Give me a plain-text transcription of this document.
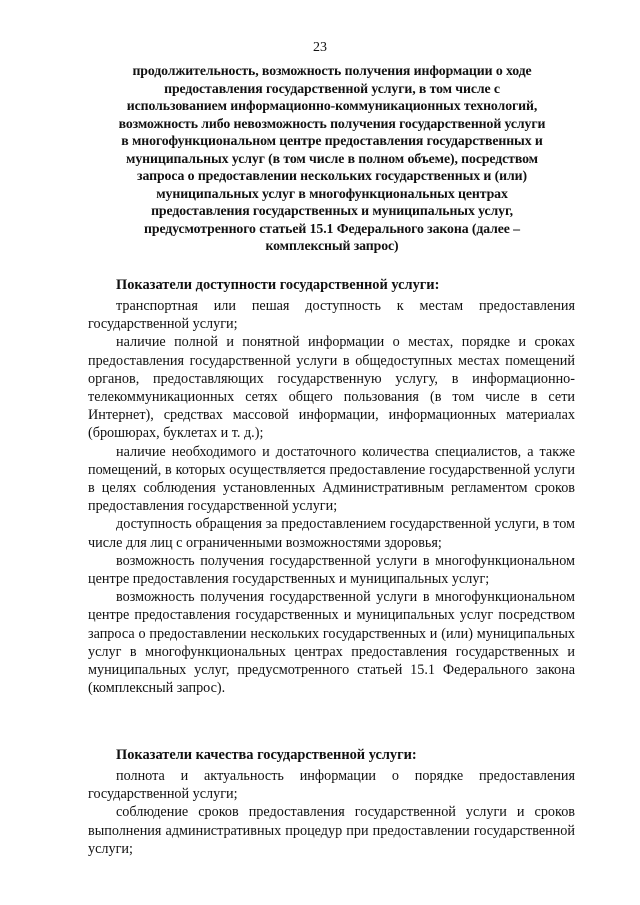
23
продолжительность, возможность получения информации о ходе
предоставления государственной услуги, в том числе с
использованием информационно-коммуникационных технологий,
возможность либо невозможность получения государственной услуги
в многофункциональном центре предоставления государственных и
муниципальных услуг (в том числе в полном объеме), посредством
запроса о предоставлении нескольких государственных и (или)
муниципальных услуг в многофункциональных центрах
предоставления государственных и муниципальных услуг,
предусмотренного статьей 15.1 Федерального закона (далее –
комплексный запрос)
Показатели доступности государственной услуги:

транспортная или пешая доступность к местам предоставления государственной услуги;

наличие полной и понятной информации о местах, порядке и сроках предоставления государственной услуги в общедоступных местах помещений органов, предоставляющих государственную услугу, в информационно-телекоммуникационных сетях общего пользования (в том числе в сети Интернет), средствах массовой информации, информационных материалах (брошюрах, буклетах и т. д.);

наличие необходимого и достаточного количества специалистов, а также помещений, в которых осуществляется предоставление государственной услуги в целях соблюдения установленных Административным регламентом сроков предоставления государственной услуги;

доступность обращения за предоставлением государственной услуги, в том числе для лиц с ограниченными возможностями здоровья;

возможность получения государственной услуги в многофункциональном центре предоставления государственных и муниципальных услуг;

возможность получения государственной услуги в многофункциональном центре предоставления государственных и муниципальных услуг посредством запроса о предоставлении нескольких государственных и (или) муниципальных услуг в многофункциональных центрах предоставления государственных и муниципальных услуг, предусмотренного статьей 15.1 Федерального закона (комплексный запрос).

Показатели качества государственной услуги:

полнота и актуальность информации о порядке предоставления государственной услуги;

соблюдение сроков предоставления государственной услуги и сроков выполнения административных процедур при предоставлении государственной услуги;
